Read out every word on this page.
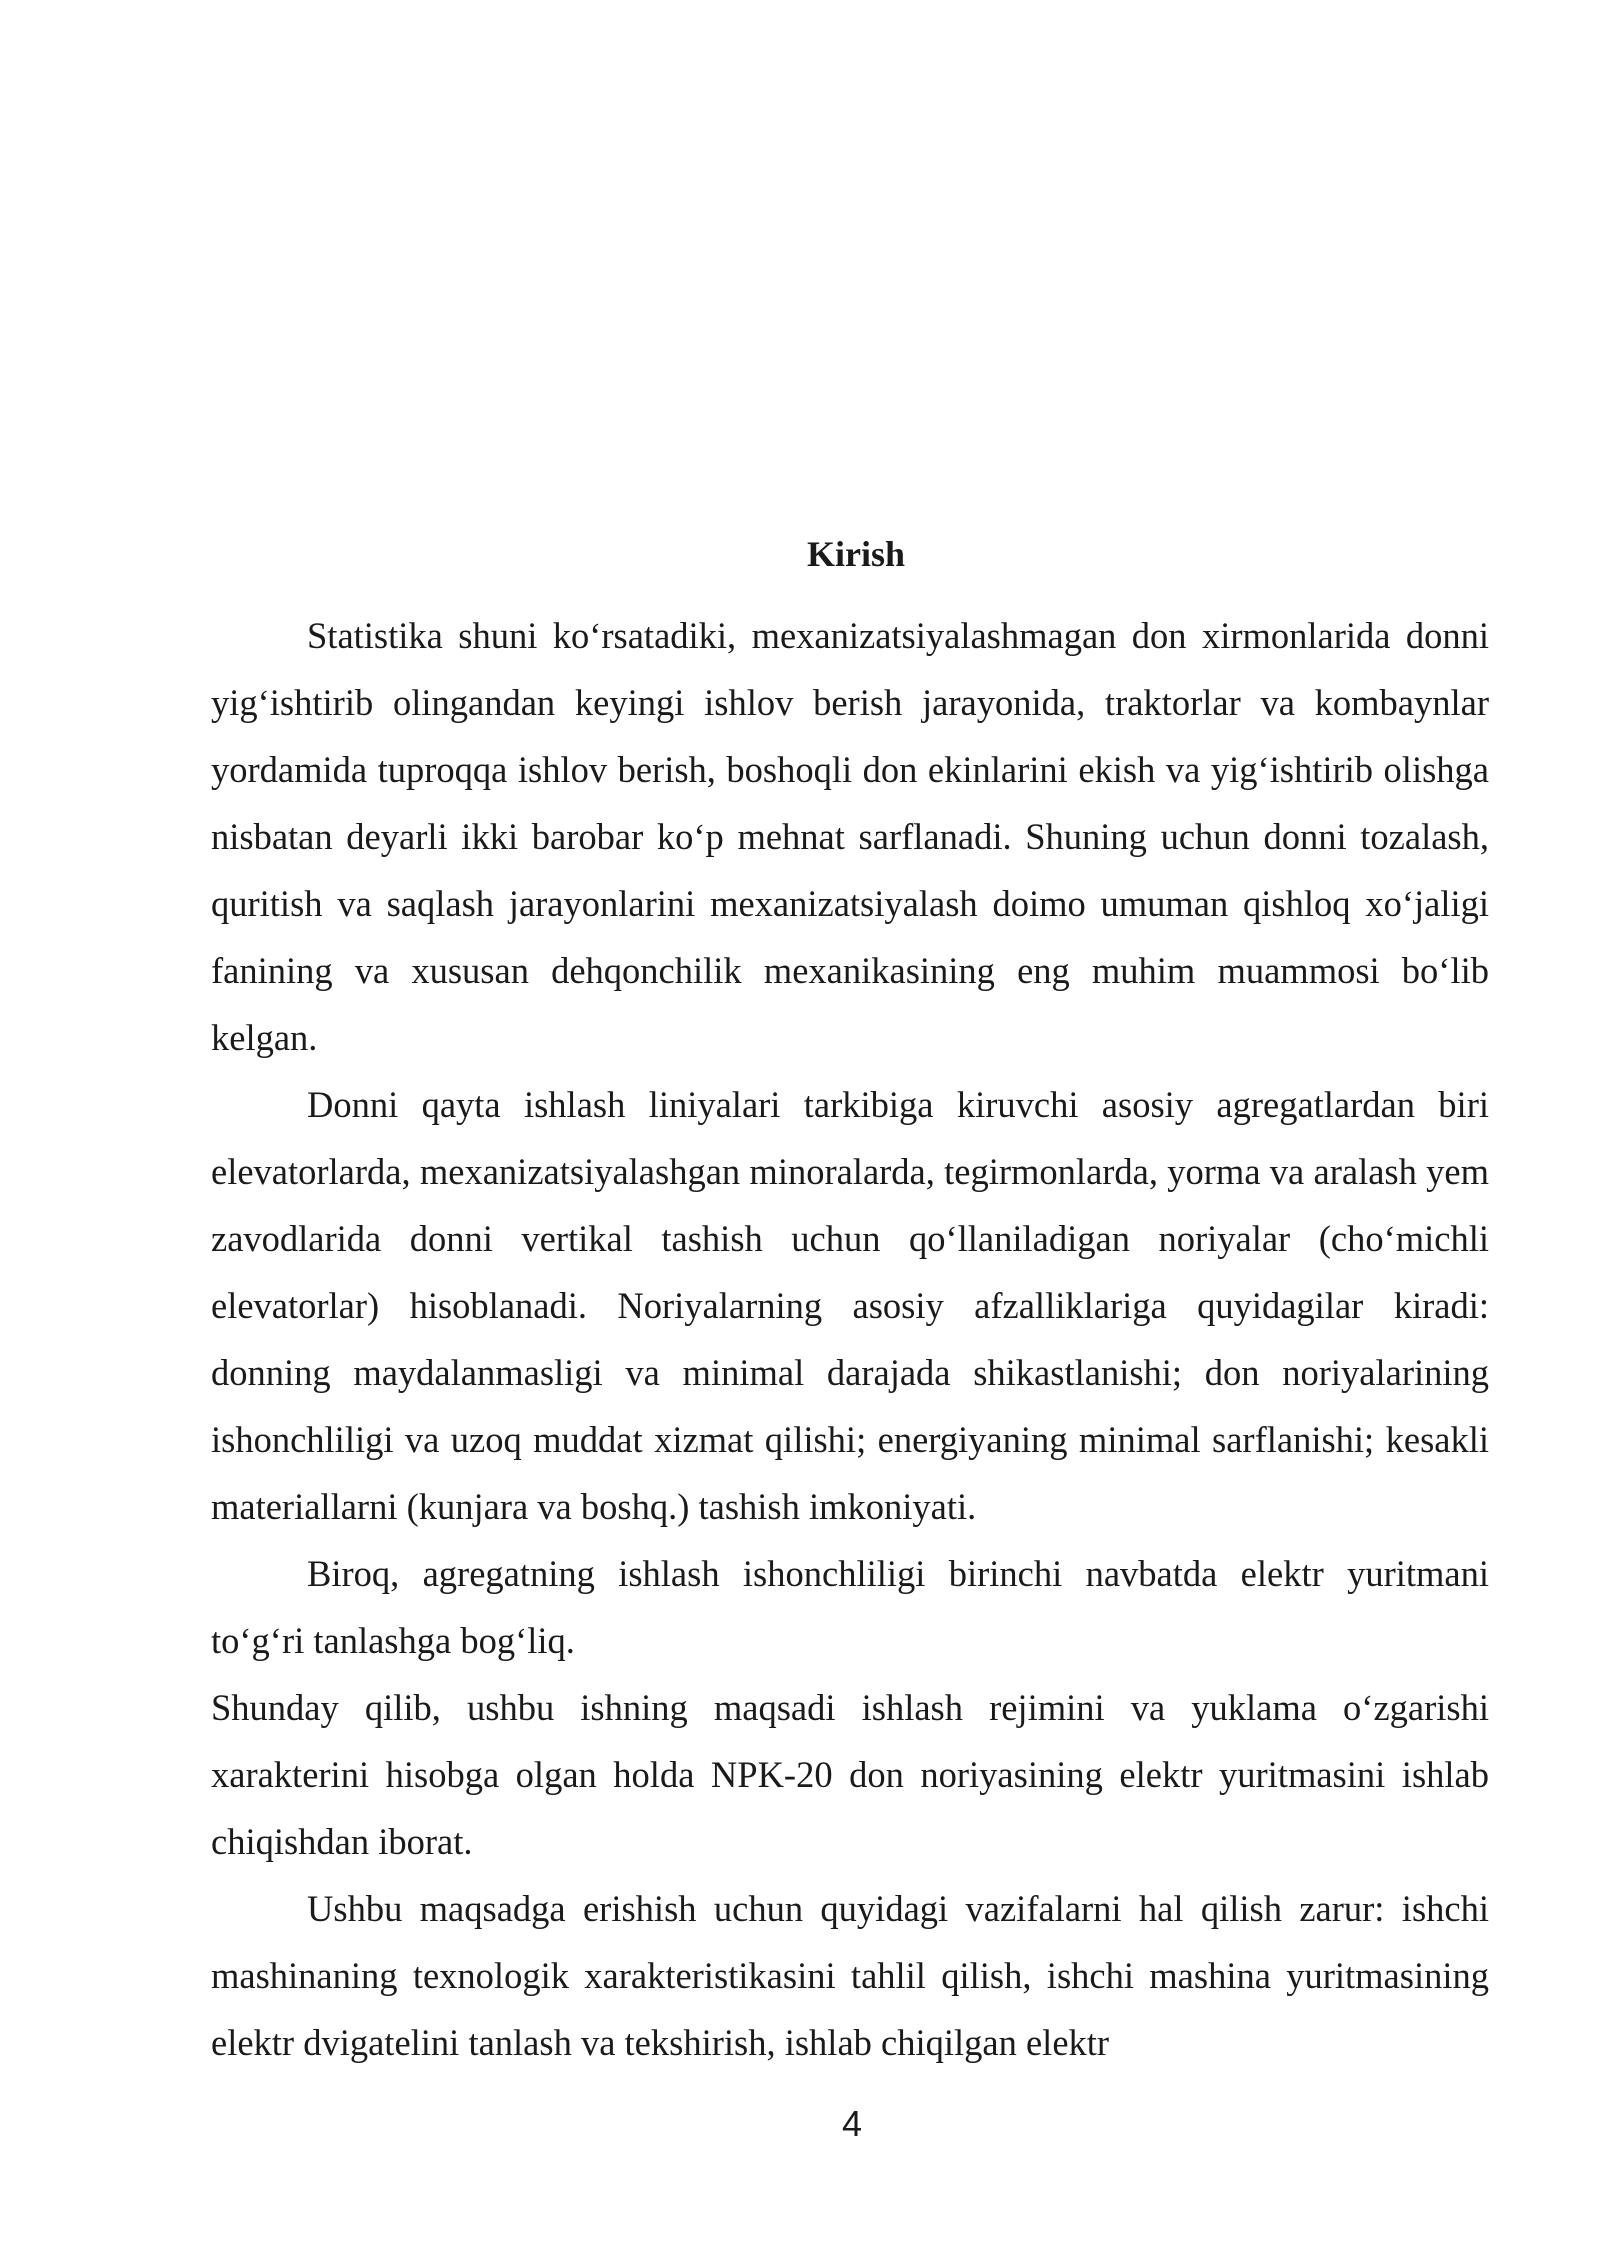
Kirish

Statistika shuni ko‘rsatadiki, mexanizatsiyalashmagan don xirmonlarida donni yig‘ishtirib olingandan keyingi ishlov berish jarayonida, traktorlar va kombaynlar yordamida tuproqqa ishlov berish, boshoqli don ekinlarini ekish va yig‘ishtirib olishga nisbatan deyarli ikki barobar ko‘p mehnat sarflanadi. Shuning uchun donni tozalash, quritish va saqlash jarayonlarini mexanizatsiyalash doimo umuman qishloq xo‘jaligi fanining va xususan dehqonchilik mexanikasining eng muhim muammosi bo‘lib kelgan.

Donni qayta ishlash liniyalari tarkibiga kiruvchi asosiy agregatlardan biri elevatorlarda, mexanizatsiyalashgan minoralarda, tegirmonlarda, yorma va aralash yem zavodlarida donni vertikal tashish uchun qo‘llaniladigan noriyalar (cho‘michli elevatorlar) hisoblanadi. Noriyalarning asosiy afzalliklariga quyidagilar kiradi: donning maydalanmasligi va minimal darajada shikastlanishi; don noriyalarining ishonchliligi va uzoq muddat xizmat qilishi; energiyaning minimal sarflanishi; kesakli materiallarni (kunjara va boshq.) tashish imkoniyati.

Biroq, agregatning ishlash ishonchliligi birinchi navbatda elektr yuritmani to‘g‘ri tanlashga bog‘liq.

Shunday qilib, ushbu ishning maqsadi ishlash rejimini va yuklama o‘zgarishi xarakterini hisobga olgan holda NPK-20 don noriyasining elektr yuritmasini ishlab chiqishdan iborat.

Ushbu maqsadga erishish uchun quyidagi vazifalarni hal qilish zarur: ishchi mashinaning texnologik xarakteristikasini tahlil qilish, ishchi mashina yuritmasining elektr dvigatelini tanlash va tekshirish, ishlab chiqilgan elektr

4
